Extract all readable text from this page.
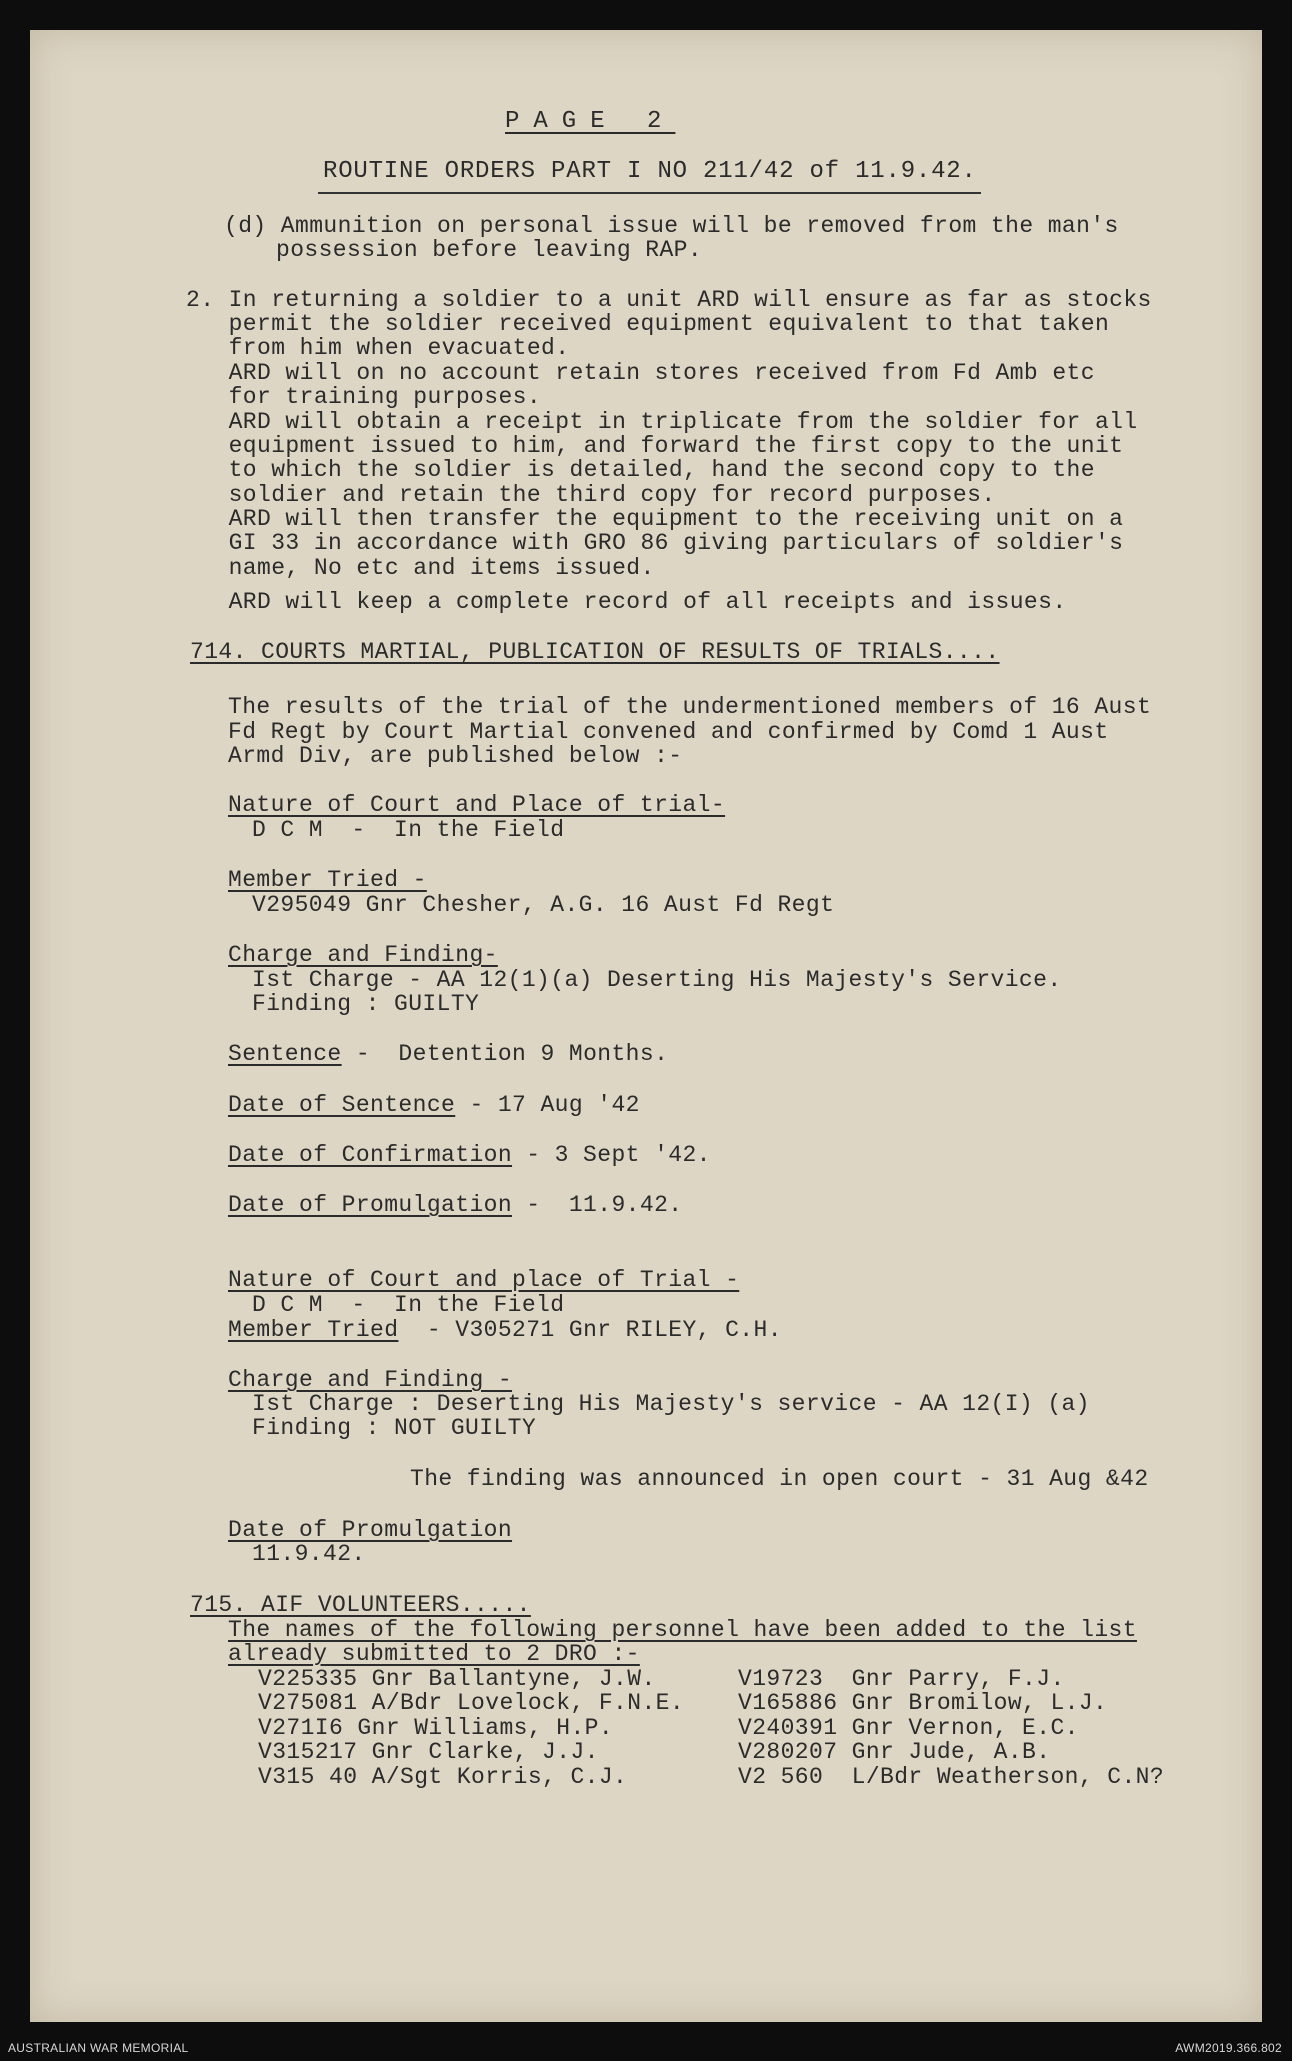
PAGE 2
ROUTINE ORDERS PART I NO 211/42 of 11.9.42.
(d) Ammunition on personal issue will be removed from the man's
possession before leaving RAP.
2. In returning a soldier to a unit ARD will ensure as far as stocks
permit the soldier received equipment equivalent to that taken
from him when evacuated.
ARD will on no account retain stores received from Fd Amb etc
for training purposes.
ARD will obtain a receipt in triplicate from the soldier for all
equipment issued to him, and forward the first copy to the unit
to which the soldier is detailed, hand the second copy to the
soldier and retain the third copy for record purposes.
ARD will then transfer the equipment to the receiving unit on a
GI 33 in accordance with GRO 86 giving particulars of soldier's
name, No etc and items issued.
ARD will keep a complete record of all receipts and issues.
714. COURTS MARTIAL, PUBLICATION OF RESULTS OF TRIALS....
The results of the trial of the undermentioned members of 16 Aust
Fd Regt by Court Martial convened and confirmed by Comd 1 Aust
Armd Div, are published below :-
Nature of Court and Place of trial-
D C M  -  In the Field
Member Tried -
V295049 Gnr Chesher, A.G. 16 Aust Fd Regt
Charge and Finding-
Ist Charge - AA 12(1)(a) Deserting His Majesty's Service.
Finding : GUILTY
Sentence -  Detention 9 Months.
Date of Sentence - 17 Aug '42
Date of Confirmation - 3 Sept '42.
Date of Promulgation -  11.9.42.
Nature of Court and place of Trial -
D C M  -  In the Field
Member Tried  - V305271 Gnr RILEY, C.H.
Charge and Finding -
Ist Charge : Deserting His Majesty's service - AA 12(I) (a)
Finding : NOT GUILTY
The finding was announced in open court - 31 Aug &42
Date of Promulgation
11.9.42.
715. AIF VOLUNTEERS.....
The names of the following personnel have been added to the list
already submitted to 2 DRO :-
V225335 Gnr Ballantyne, J.W.
V275081 A/Bdr Lovelock, F.N.E.
V271I6 Gnr Williams, H.P.
V315217 Gnr Clarke, J.J.
V315 40 A/Sgt Korris, C.J.
V19723  Gnr Parry, F.J.
V165886 Gnr Bromilow, L.J.
V240391 Gnr Vernon, E.C.
V280207 Gnr Jude, A.B.
V2 560  L/Bdr Weatherson, C.N?
AUSTRALIAN WAR MEMORIAL	AWM2019.366.802
